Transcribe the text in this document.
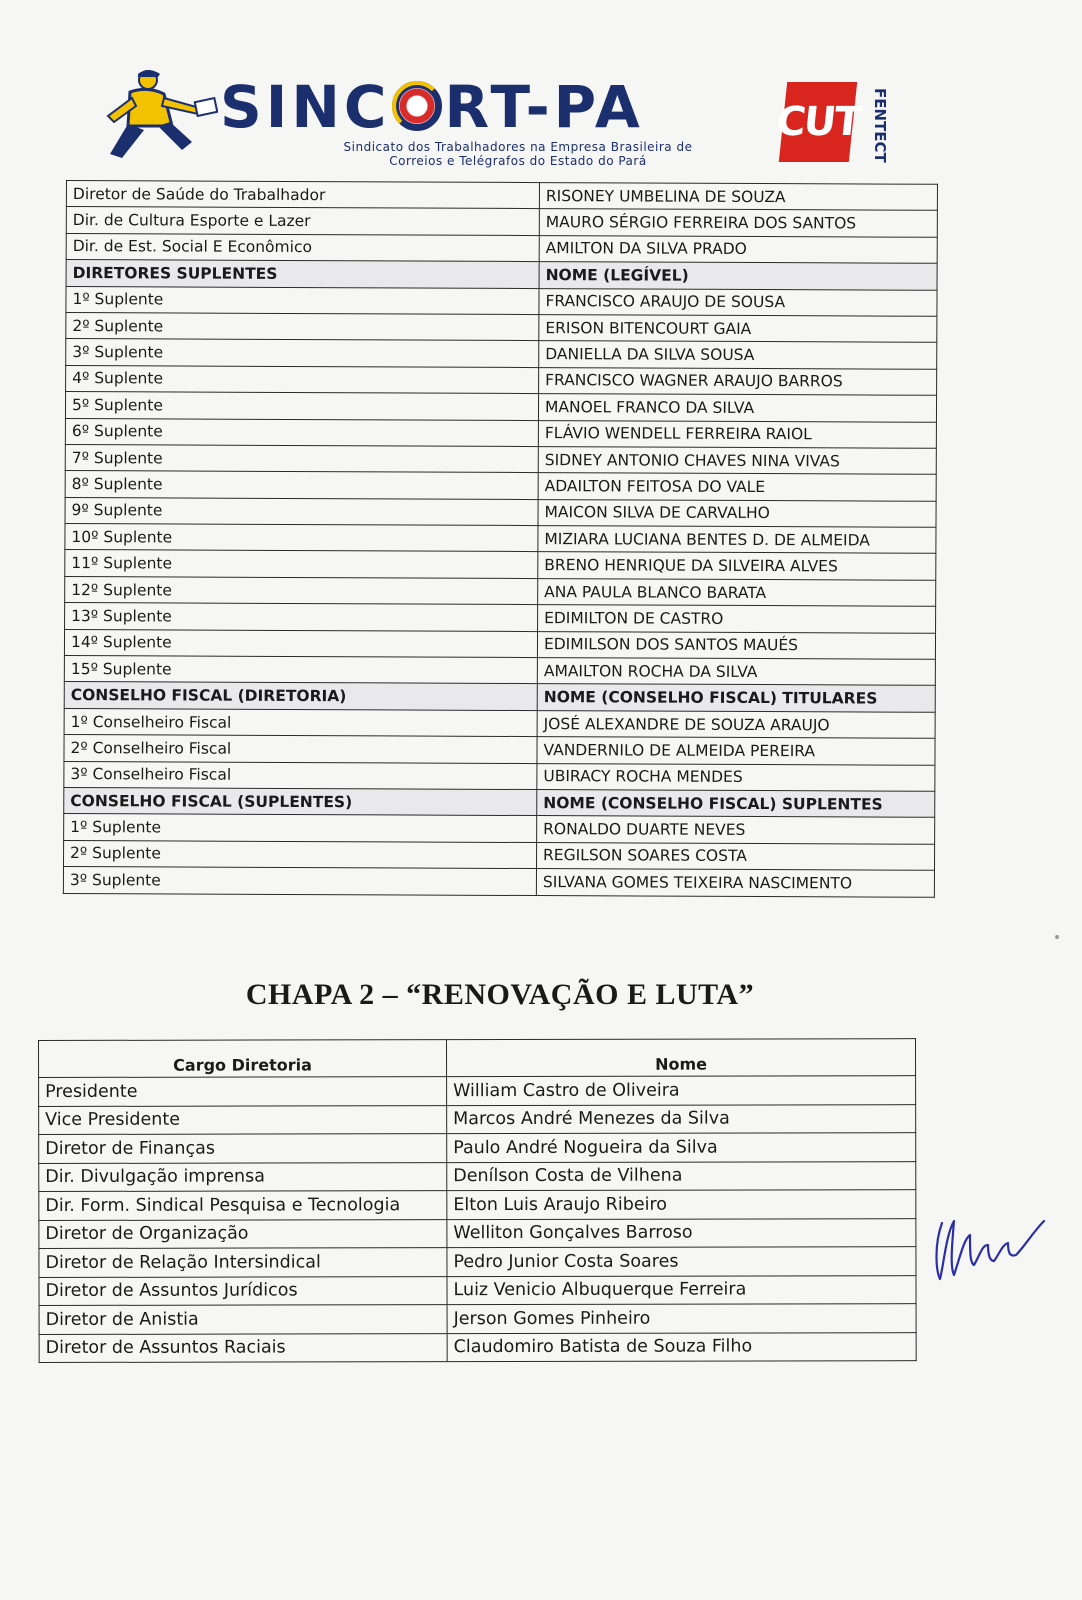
SINC RT-PA
Sindicato dos Trabalhadores na Empresa Brasileira de
Correios e Telégrafos do Estado do Pará
CUT FENTECT
Diretor de Saúde do Trabalhador	RISONEY UMBELINA DE SOUZA
Dir. de Cultura Esporte e Lazer	MAURO SÉRGIO FERREIRA DOS SANTOS
Dir. de Est. Social E Econômico	AMILTON DA SILVA PRADO
DIRETORES SUPLENTES	NOME (LEGÍVEL)
1º Suplente	FRANCISCO ARAUJO DE SOUSA
2º Suplente	ERISON BITENCOURT GAIA
3º Suplente	DANIELLA DA SILVA SOUSA
4º Suplente	FRANCISCO WAGNER ARAUJO BARROS
5º Suplente	MANOEL FRANCO DA SILVA
6º Suplente	FLÁVIO WENDELL FERREIRA RAIOL
7º Suplente	SIDNEY ANTONIO CHAVES NINA VIVAS
8º Suplente	ADAILTON FEITOSA DO VALE
9º Suplente	MAICON SILVA DE CARVALHO
10º Suplente	MIZIARA LUCIANA BENTES D. DE ALMEIDA
11º Suplente	BRENO HENRIQUE DA SILVEIRA ALVES
12º Suplente	ANA PAULA BLANCO BARATA
13º Suplente	EDIMILTON DE CASTRO
14º Suplente	EDIMILSON DOS SANTOS MAUÉS
15º Suplente	AMAILTON ROCHA DA SILVA
CONSELHO FISCAL (DIRETORIA)	NOME (CONSELHO FISCAL) TITULARES
1º Conselheiro Fiscal	JOSÉ ALEXANDRE DE SOUZA ARAUJO
2º Conselheiro Fiscal	VANDERNILO DE ALMEIDA PEREIRA
3º Conselheiro Fiscal	UBIRACY ROCHA MENDES
CONSELHO FISCAL (SUPLENTES)	NOME (CONSELHO FISCAL) SUPLENTES
1º Suplente	RONALDO DUARTE NEVES
2º Suplente	REGILSON SOARES COSTA
3º Suplente	SILVANA GOMES TEIXEIRA NASCIMENTO
CHAPA 2 – “RENOVAÇÃO E LUTA”
Cargo Diretoria	Nome
Presidente	William Castro de Oliveira
Vice Presidente	Marcos André Menezes da Silva
Diretor de Finanças	Paulo André Nogueira da Silva
Dir. Divulgação imprensa	Denílson Costa de Vilhena
Dir. Form. Sindical Pesquisa e Tecnologia	Elton Luis Araujo Ribeiro
Diretor de Organização	Welliton Gonçalves Barroso
Diretor de Relação Intersindical	Pedro Junior Costa Soares
Diretor de Assuntos Jurídicos	Luiz Venicio Albuquerque Ferreira
Diretor de Anistia	Jerson Gomes Pinheiro
Diretor de Assuntos Raciais	Claudomiro Batista de Souza Filho
